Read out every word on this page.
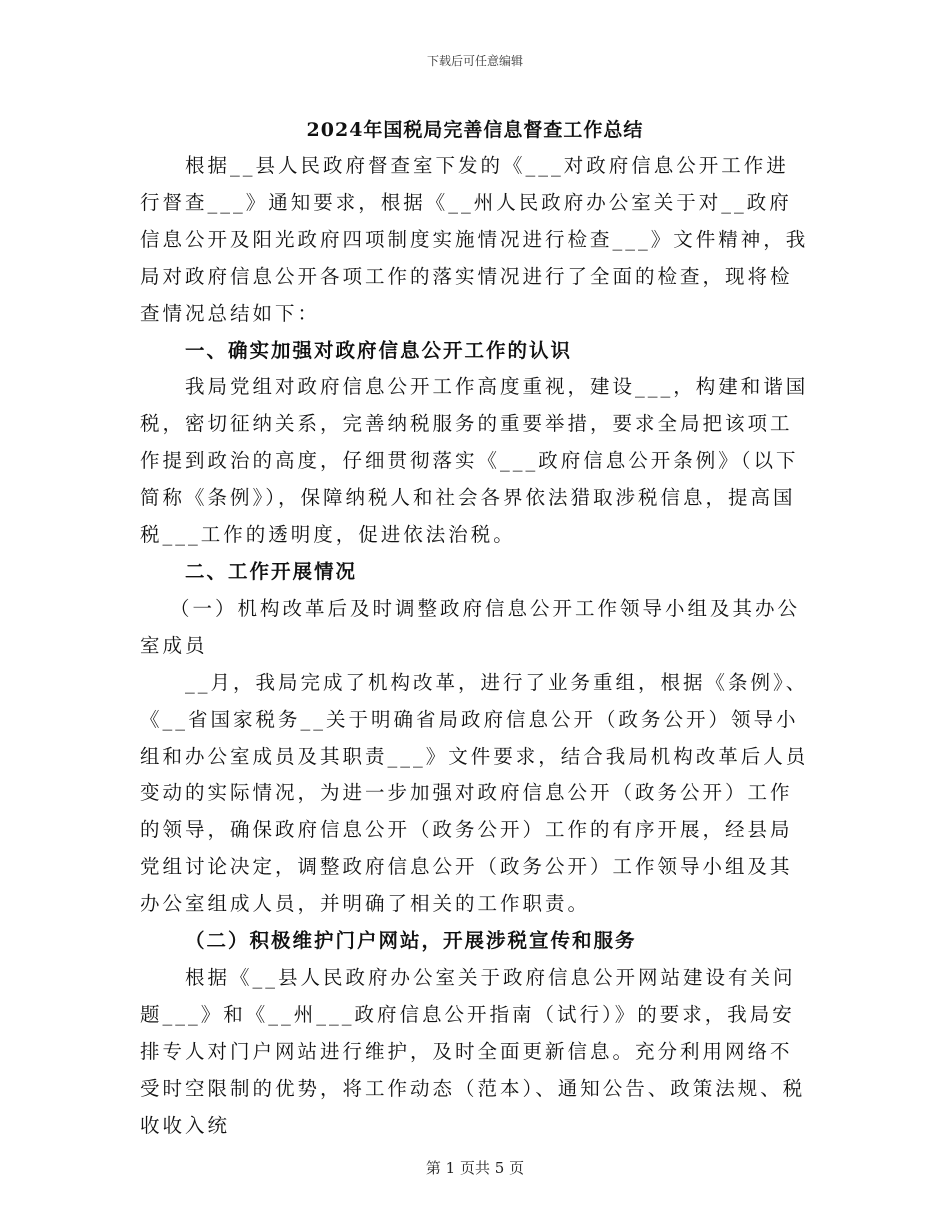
下载后可任意编辑
2024年国税局完善信息督查工作总结

根据__县人民政府督查室下发的《___对政府信息公开工作进行督查___》通知要求，根据《__州人民政府办公室关于对__政府信息公开及阳光政府四项制度实施情况进行检查___》文件精神，我局对政府信息公开各项工作的落实情况进行了全面的检查，现将检查情况总结如下：

一、确实加强对政府信息公开工作的认识

我局党组对政府信息公开工作高度重视，建设___，构建和谐国税，密切征纳关系，完善纳税服务的重要举措，要求全局把该项工作提到政治的高度，仔细贯彻落实《___政府信息公开条例》（以下简称《条例》），保障纳税人和社会各界依法猎取涉税信息，提高国税___工作的透明度，促进依法治税。

二、工作开展情况

（一）机构改革后及时调整政府信息公开工作领导小组及其办公室成员

__月，我局完成了机构改革，进行了业务重组，根据《条例》、《__省国家税务__关于明确省局政府信息公开（政务公开）领导小组和办公室成员及其职责___》文件要求，结合我局机构改革后人员变动的实际情况，为进一步加强对政府信息公开（政务公开）工作的领导，确保政府信息公开（政务公开）工作的有序开展，经县局党组讨论决定，调整政府信息公开（政务公开）工作领导小组及其办公室组成人员，并明确了相关的工作职责。

（二）积极维护门户网站，开展涉税宣传和服务

根据《__县人民政府办公室关于政府信息公开网站建设有关问题___》和《__州___政府信息公开指南（试行）》的要求，我局安排专人对门户网站进行维护，及时全面更新信息。充分利用网络不受时空限制的优势，将工作动态（范本）、通知公告、政策法规、税收收入统

第 1 页共 5 页
